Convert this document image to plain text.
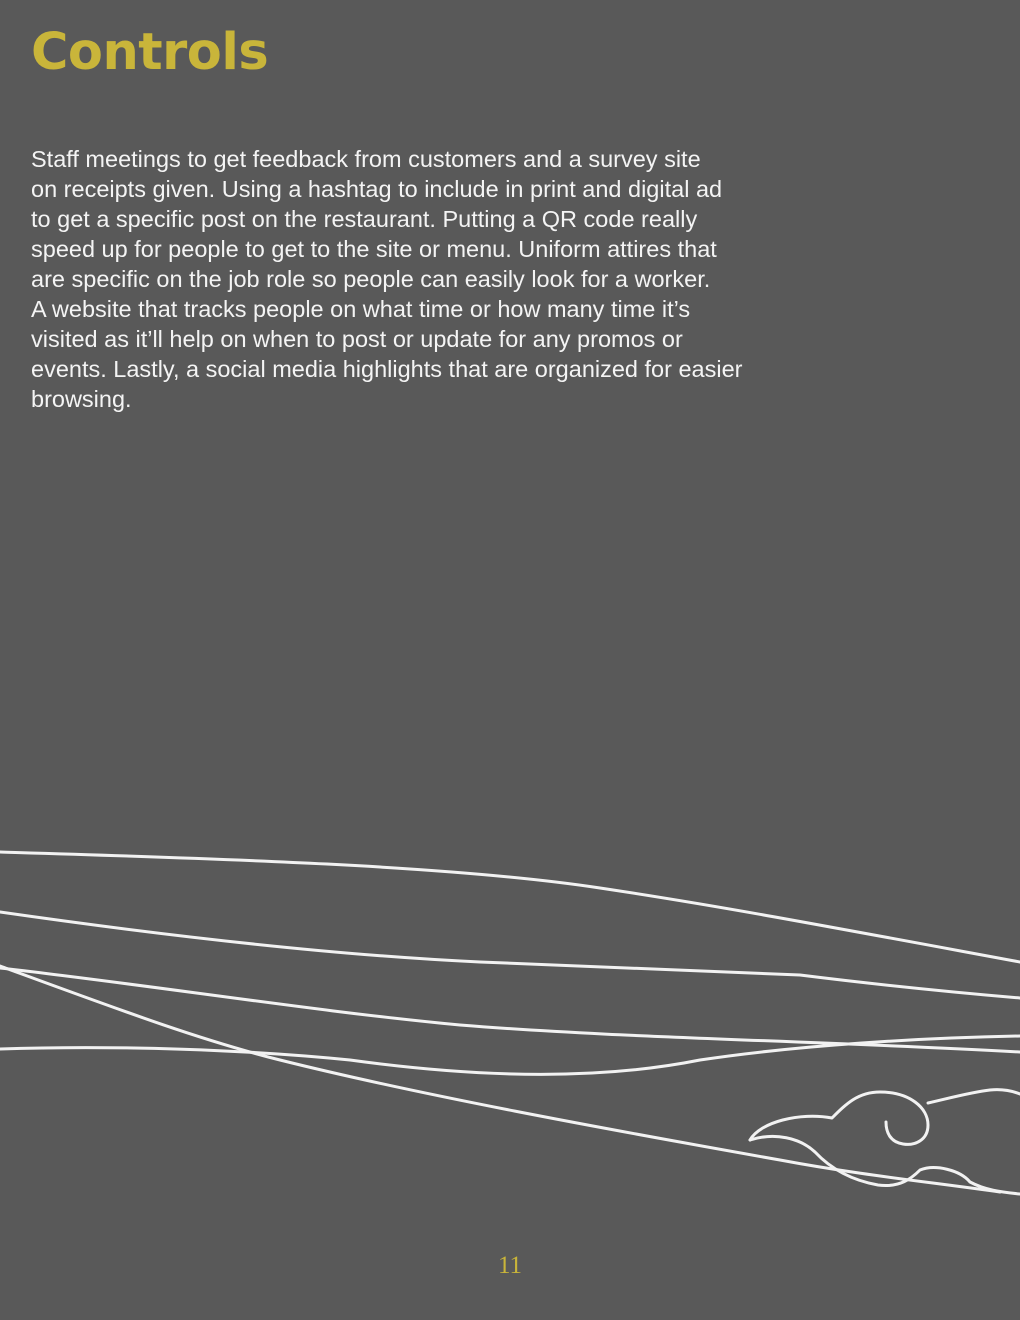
Controls

Staff meetings to get feedback from customers and a survey site
on receipts given. Using a hashtag to include in print and digital ad
to get a specific post on the restaurant. Putting a QR code really
speed up for people to get to the site or menu. Uniform attires that
are specific on the job role so people can easily look for a worker.
A website that tracks people on what time or how many time it’s
visited as it’ll help on when to post or update for any promos or
events. Lastly, a social media highlights that are organized for easier
browsing.

11
